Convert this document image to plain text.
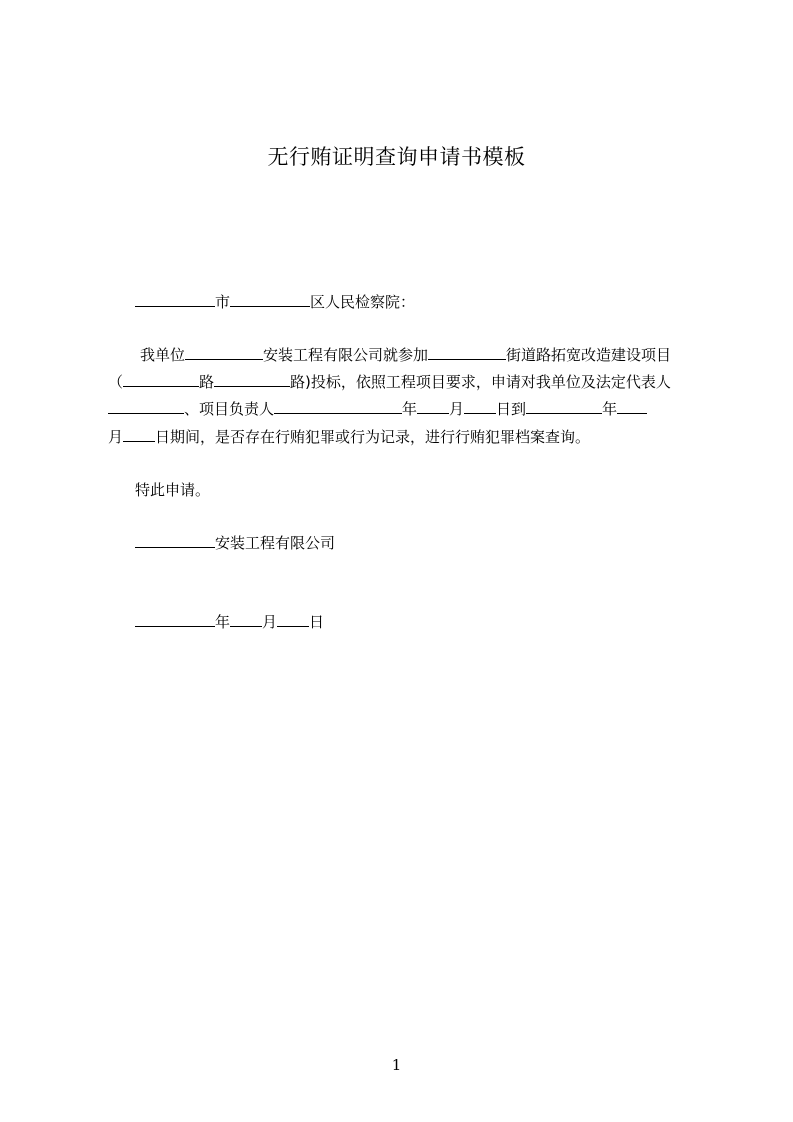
无行贿证明查询申请书模板
市	区人民检察院：
我单位	安装工程有限公司就参加	街道路拓宽改造建设项目
（	路	路)投标，依照工程项目要求，申请对我单位及法定代表人
、项目负责人	年 月 日到	年
月 日期间，是否存在行贿犯罪或行为记录，进行行贿犯罪档案查询。
特此申请。
安装工程有限公司
年 月 日
1
